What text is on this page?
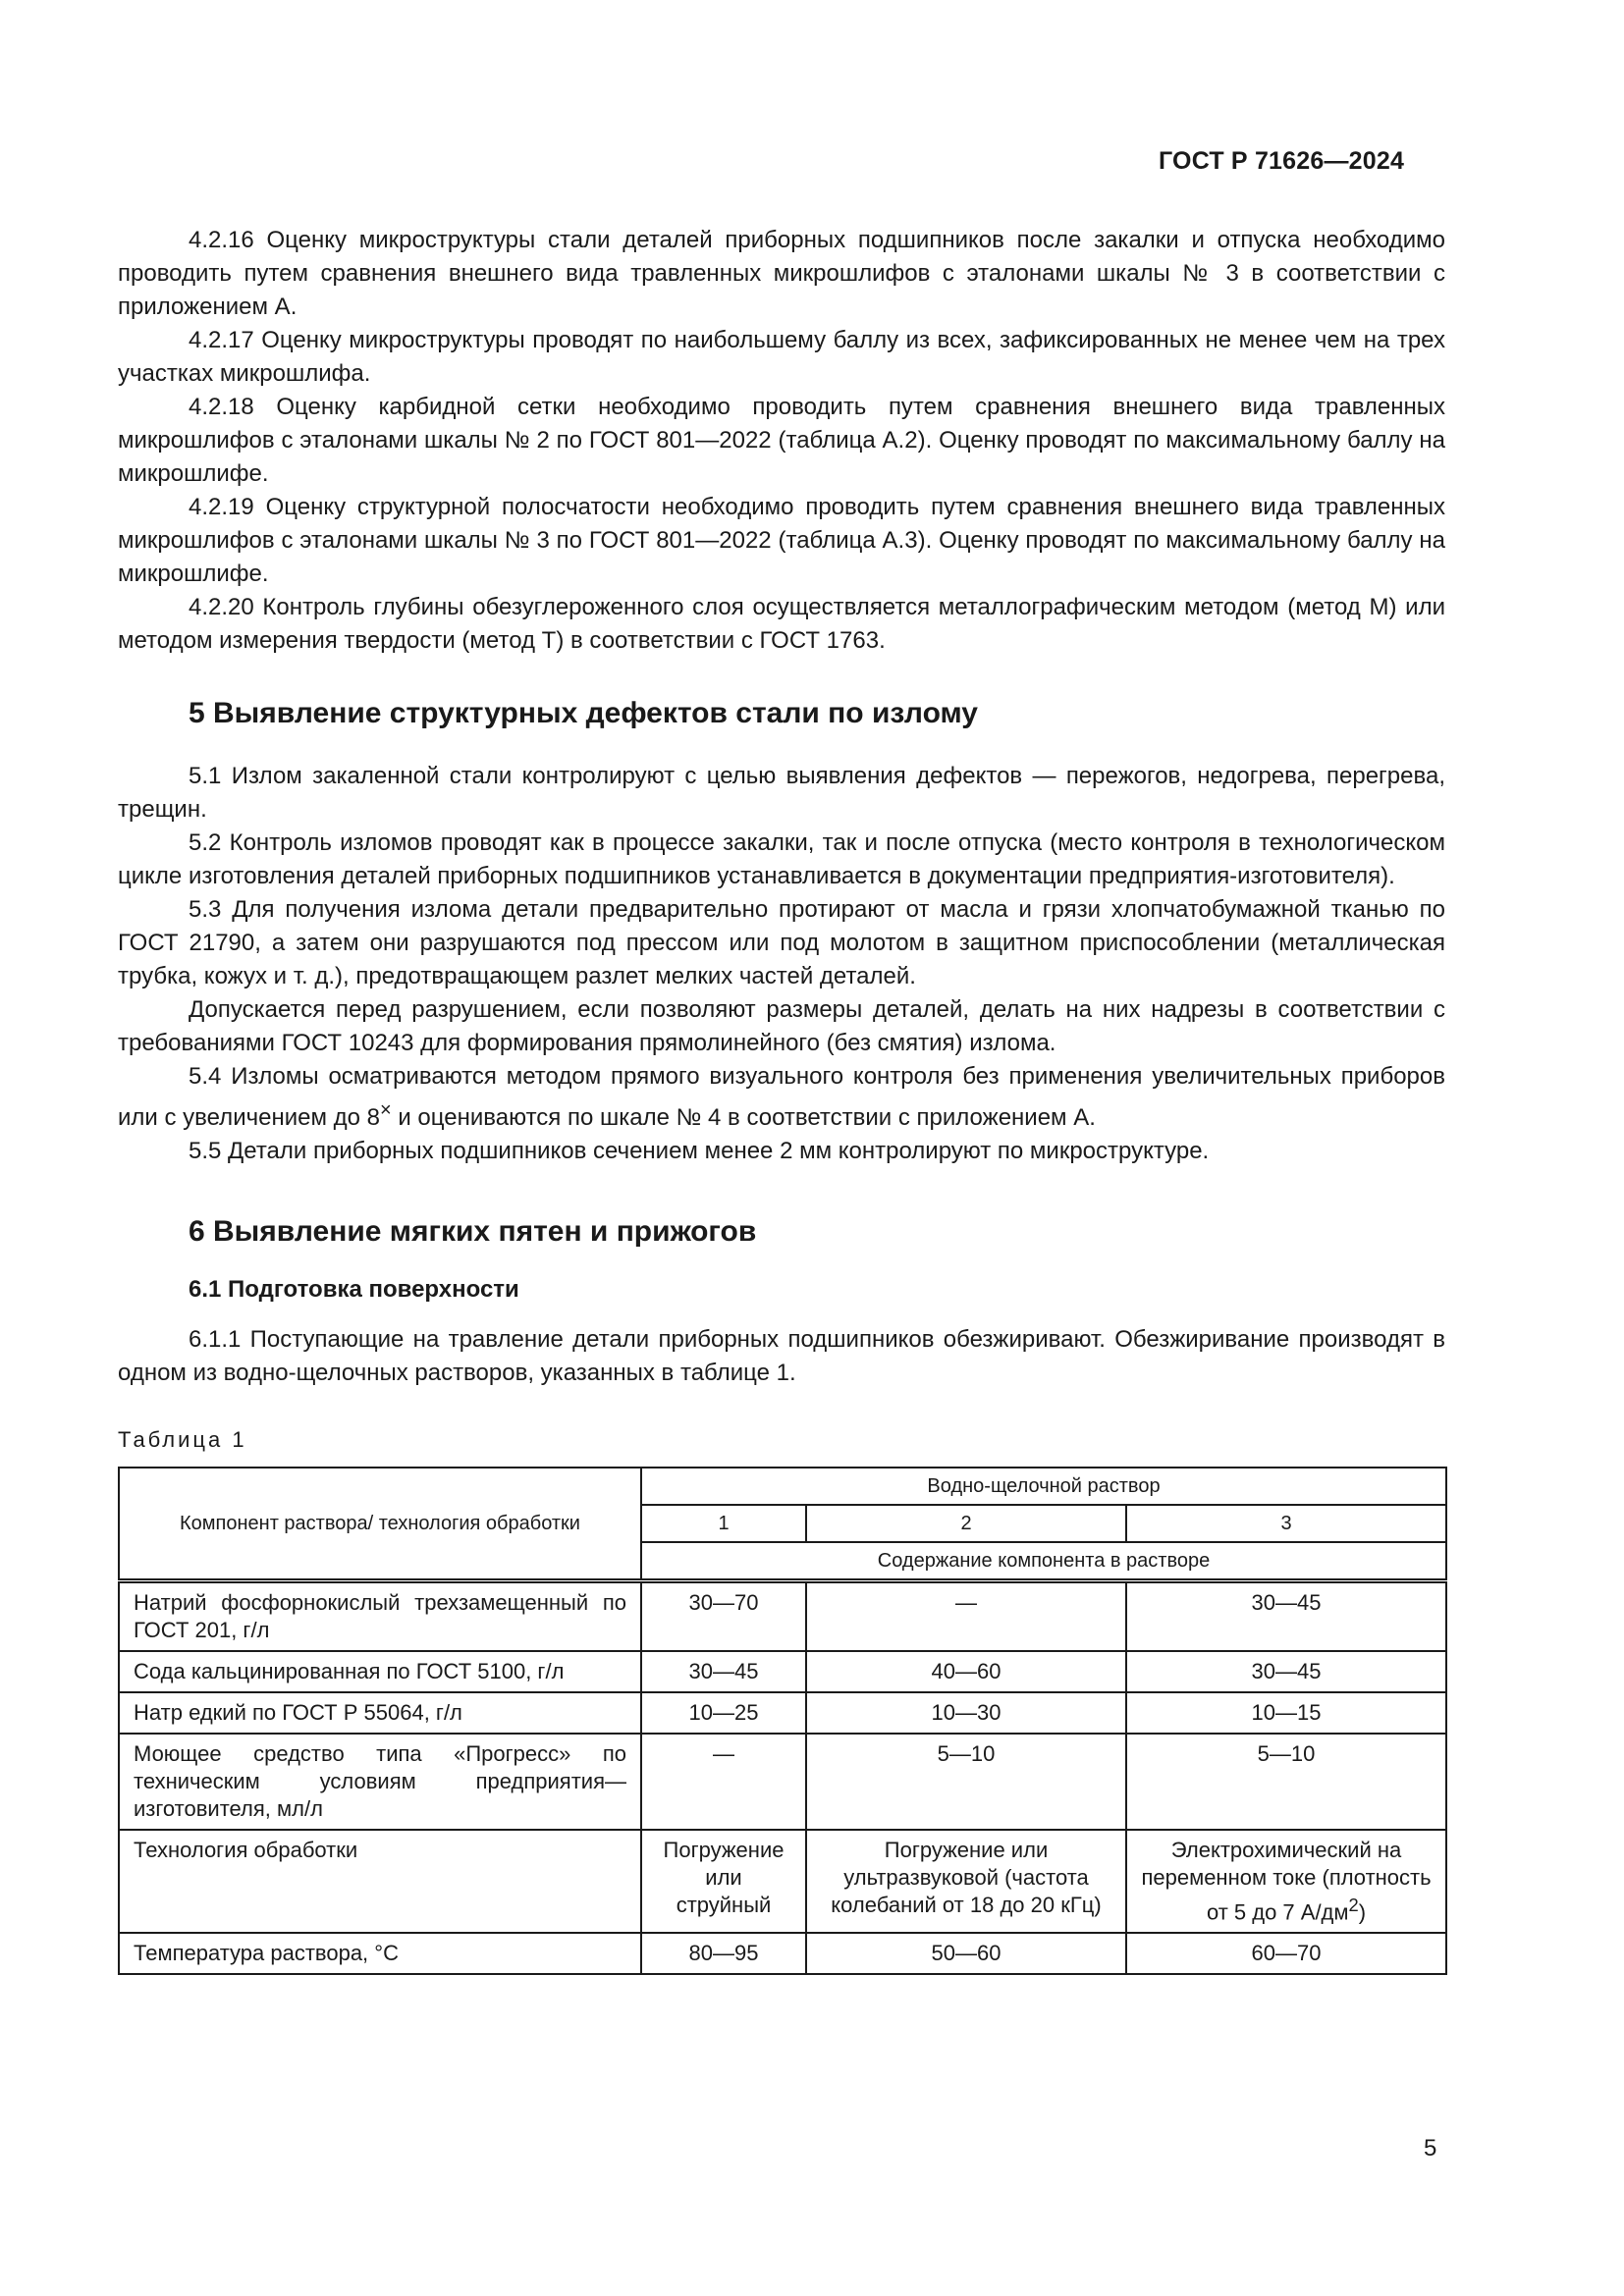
ГОСТ Р 71626—2024

4.2.16 Оценку микроструктуры стали деталей приборных подшипников после закалки и отпуска необходимо проводить путем сравнения внешнего вида травленных микрошлифов с эталонами шкалы № 3 в соответствии с приложением А.

4.2.17 Оценку микроструктуры проводят по наибольшему баллу из всех, зафиксированных не менее чем на трех участках микрошлифа.

4.2.18 Оценку карбидной сетки необходимо проводить путем сравнения внешнего вида травленных микрошлифов с эталонами шкалы № 2 по ГОСТ 801—2022 (таблица А.2). Оценку проводят по максимальному баллу на микрошлифе.

4.2.19 Оценку структурной полосчатости необходимо проводить путем сравнения внешнего вида травленных микрошлифов с эталонами шкалы № 3 по ГОСТ 801—2022 (таблица А.3). Оценку проводят по максимальному баллу на микрошлифе.

4.2.20 Контроль глубины обезуглероженного слоя осуществляется металлографическим методом (метод М) или методом измерения твердости (метод Т) в соответствии с ГОСТ 1763.

5 Выявление структурных дефектов стали по излому

5.1 Излом закаленной стали контролируют с целью выявления дефектов — пережогов, недогрева, перегрева, трещин.

5.2 Контроль изломов проводят как в процессе закалки, так и после отпуска (место контроля в технологическом цикле изготовления деталей приборных подшипников устанавливается в документации предприятия-изготовителя).

5.3 Для получения излома детали предварительно протирают от масла и грязи хлопчатобумажной тканью по ГОСТ 21790, а затем они разрушаются под прессом или под молотом в защитном приспособлении (металлическая трубка, кожух и т. д.), предотвращающем разлет мелких частей деталей.

Допускается перед разрушением, если позволяют размеры деталей, делать на них надрезы в соответствии с требованиями ГОСТ 10243 для формирования прямолинейного (без смятия) излома.

5.4 Изломы осматриваются методом прямого визуального контроля без применения увеличительных приборов или с увеличением до 8× и оцениваются по шкале № 4 в соответствии с приложением А.

5.5 Детали приборных подшипников сечением менее 2 мм контролируют по микроструктуре.

6 Выявление мягких пятен и прижогов
6.1 Подготовка поверхности

6.1.1 Поступающие на травление детали приборных подшипников обезжиривают. Обезжиривание производят в одном из водно-щелочных растворов, указанных в таблице 1.

Таблица 1
Компонент раствора/ технология обработки	Водно-щелочной раствор		
	1	2	3
	Содержание компонента в растворе		
Натрий фосфорнокислый трехзамещенный по ГОСТ 201, г/л	30—70	—	30—45
Сода кальцинированная по ГОСТ 5100, г/л	30—45	40—60	30—45
Натр едкий по ГОСТ Р 55064, г/л	10—25	10—30	10—15
Моющее средство типа «Прогресс» по техническим условиям предприятия— изготовителя, мл/л	—	5—10	5—10
Технология обработки	Погружение или струйный	Погружение или ультразвуковой (частота колебаний от 18 до 20 кГц)	Электрохимический на переменном токе (плотность от 5 до 7 $А/дм^2$)
Температура раствора, °С	80—95	50—60	60—70
5
